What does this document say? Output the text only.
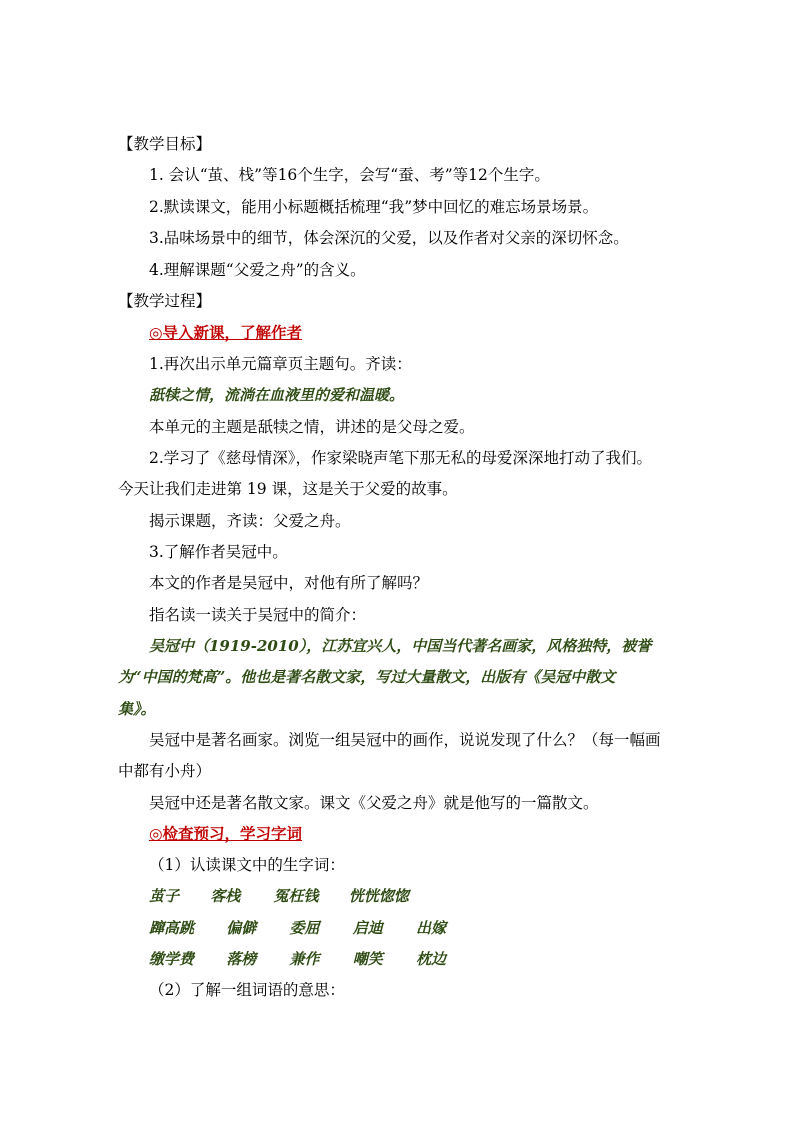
【教学目标】
1. 会认“茧、栈”等16个生字，会写“蚕、考”等12个生字。
2.默读课文，能用小标题概括梳理“我”梦中回忆的难忘场景场景。
3.品味场景中的细节，体会深沉的父爱，以及作者对父亲的深切怀念。
4.理解课题“父爱之舟”的含义。
【教学过程】
◎导入新课，了解作者
1.再次出示单元篇章页主题句。齐读：
舐犊之情，流淌在血液里的爱和温暖。
本单元的主题是舐犊之情，讲述的是父母之爱。
2.学习了《慈母情深》，作家梁晓声笔下那无私的母爱深深地打动了我们。
今天让我们走进第 19 课，这是关于父爱的故事。
揭示课题，齐读：父爱之舟。
3.了解作者吴冠中。
本文的作者是吴冠中，对他有所了解吗？
指名读一读关于吴冠中的简介：
吴冠中（1919-2010），江苏宜兴人，中国当代著名画家，风格独特，被誉
为“中国的梵高”。他也是著名散文家，写过大量散文，出版有《吴冠中散文
集》。
吴冠中是著名画家。浏览一组吴冠中的画作，说说发现了什么？（每一幅画
中都有小舟）
吴冠中还是著名散文家。课文《父爱之舟》就是他写的一篇散文。
◎检查预习，学习字词
（1）认读课文中的生字词：
茧子 客栈 冤枉钱 恍恍惚惚
蹿高跳 偏僻 委屈 启迪 出嫁
缴学费 落榜 兼作 嘲笑 枕边
（2）了解一组词语的意思：
